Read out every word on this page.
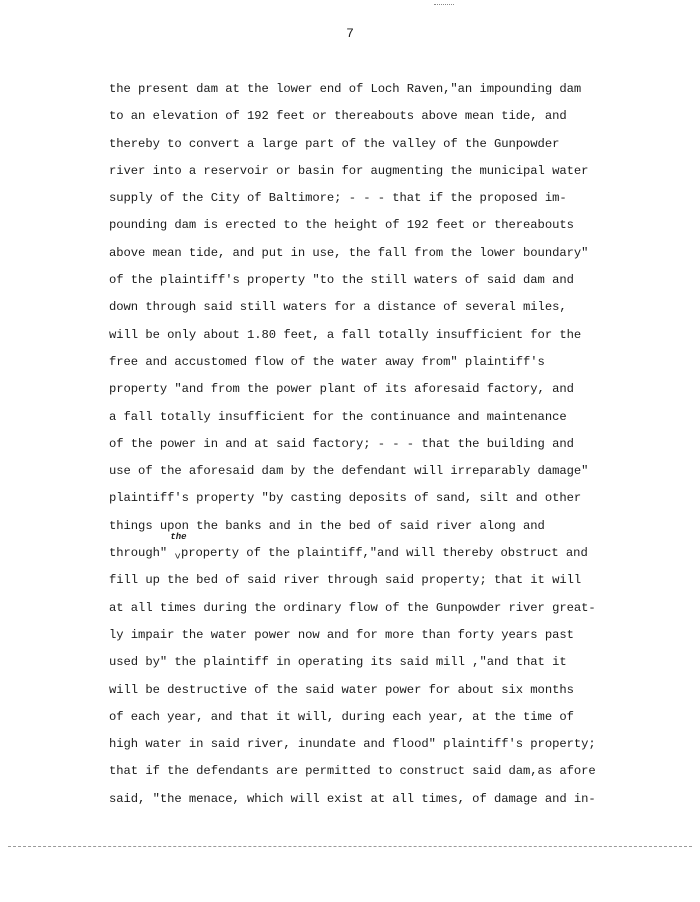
7
the present dam at the lower end of Loch Raven,"an impounding dam
to an elevation of 192 feet or thereabouts above mean tide, and
thereby to convert a large part of the valley of the Gunpowder
river into a reservoir or basin for augmenting the municipal water
supply of the City of Baltimore; - - - that if the proposed im-
pounding dam is erected to the height of 192 feet or thereabouts
above mean tide, and put in use, the fall from the lower boundary"
of the plaintiff's property "to the still waters of said dam and
down through said still waters for a distance of several miles,
will be only about 1.80 feet, a fall totally insufficient for the
free and accustomed flow of the water away from" plaintiff's
property "and from the power plant of its aforesaid factory, and
a fall totally insufficient for the continuance and maintenance
of the power in and at said factory; - - - that the building and
use of the aforesaid dam by the defendant will irreparably damage"
plaintiff's property "by casting deposits of sand, silt and other
things upon the banks and in the bed of said river along and
through"
the
^property of the plaintiff,"and will thereby obstruct and
fill up the bed of said river through said property; that it will
at all times during the ordinary flow of the Gunpowder river great-
ly impair the water power now and for more than forty years past
used by" the plaintiff in operating its said mill ,"and that it
will be destructive of the said water power for about six months
of each year, and that it will, during each year, at the time of
high water in said river, inundate and flood" plaintiff's property;
that if the defendants are permitted to construct said dam,as afore
said, "the menace, which will exist at all times, of damage and in-
